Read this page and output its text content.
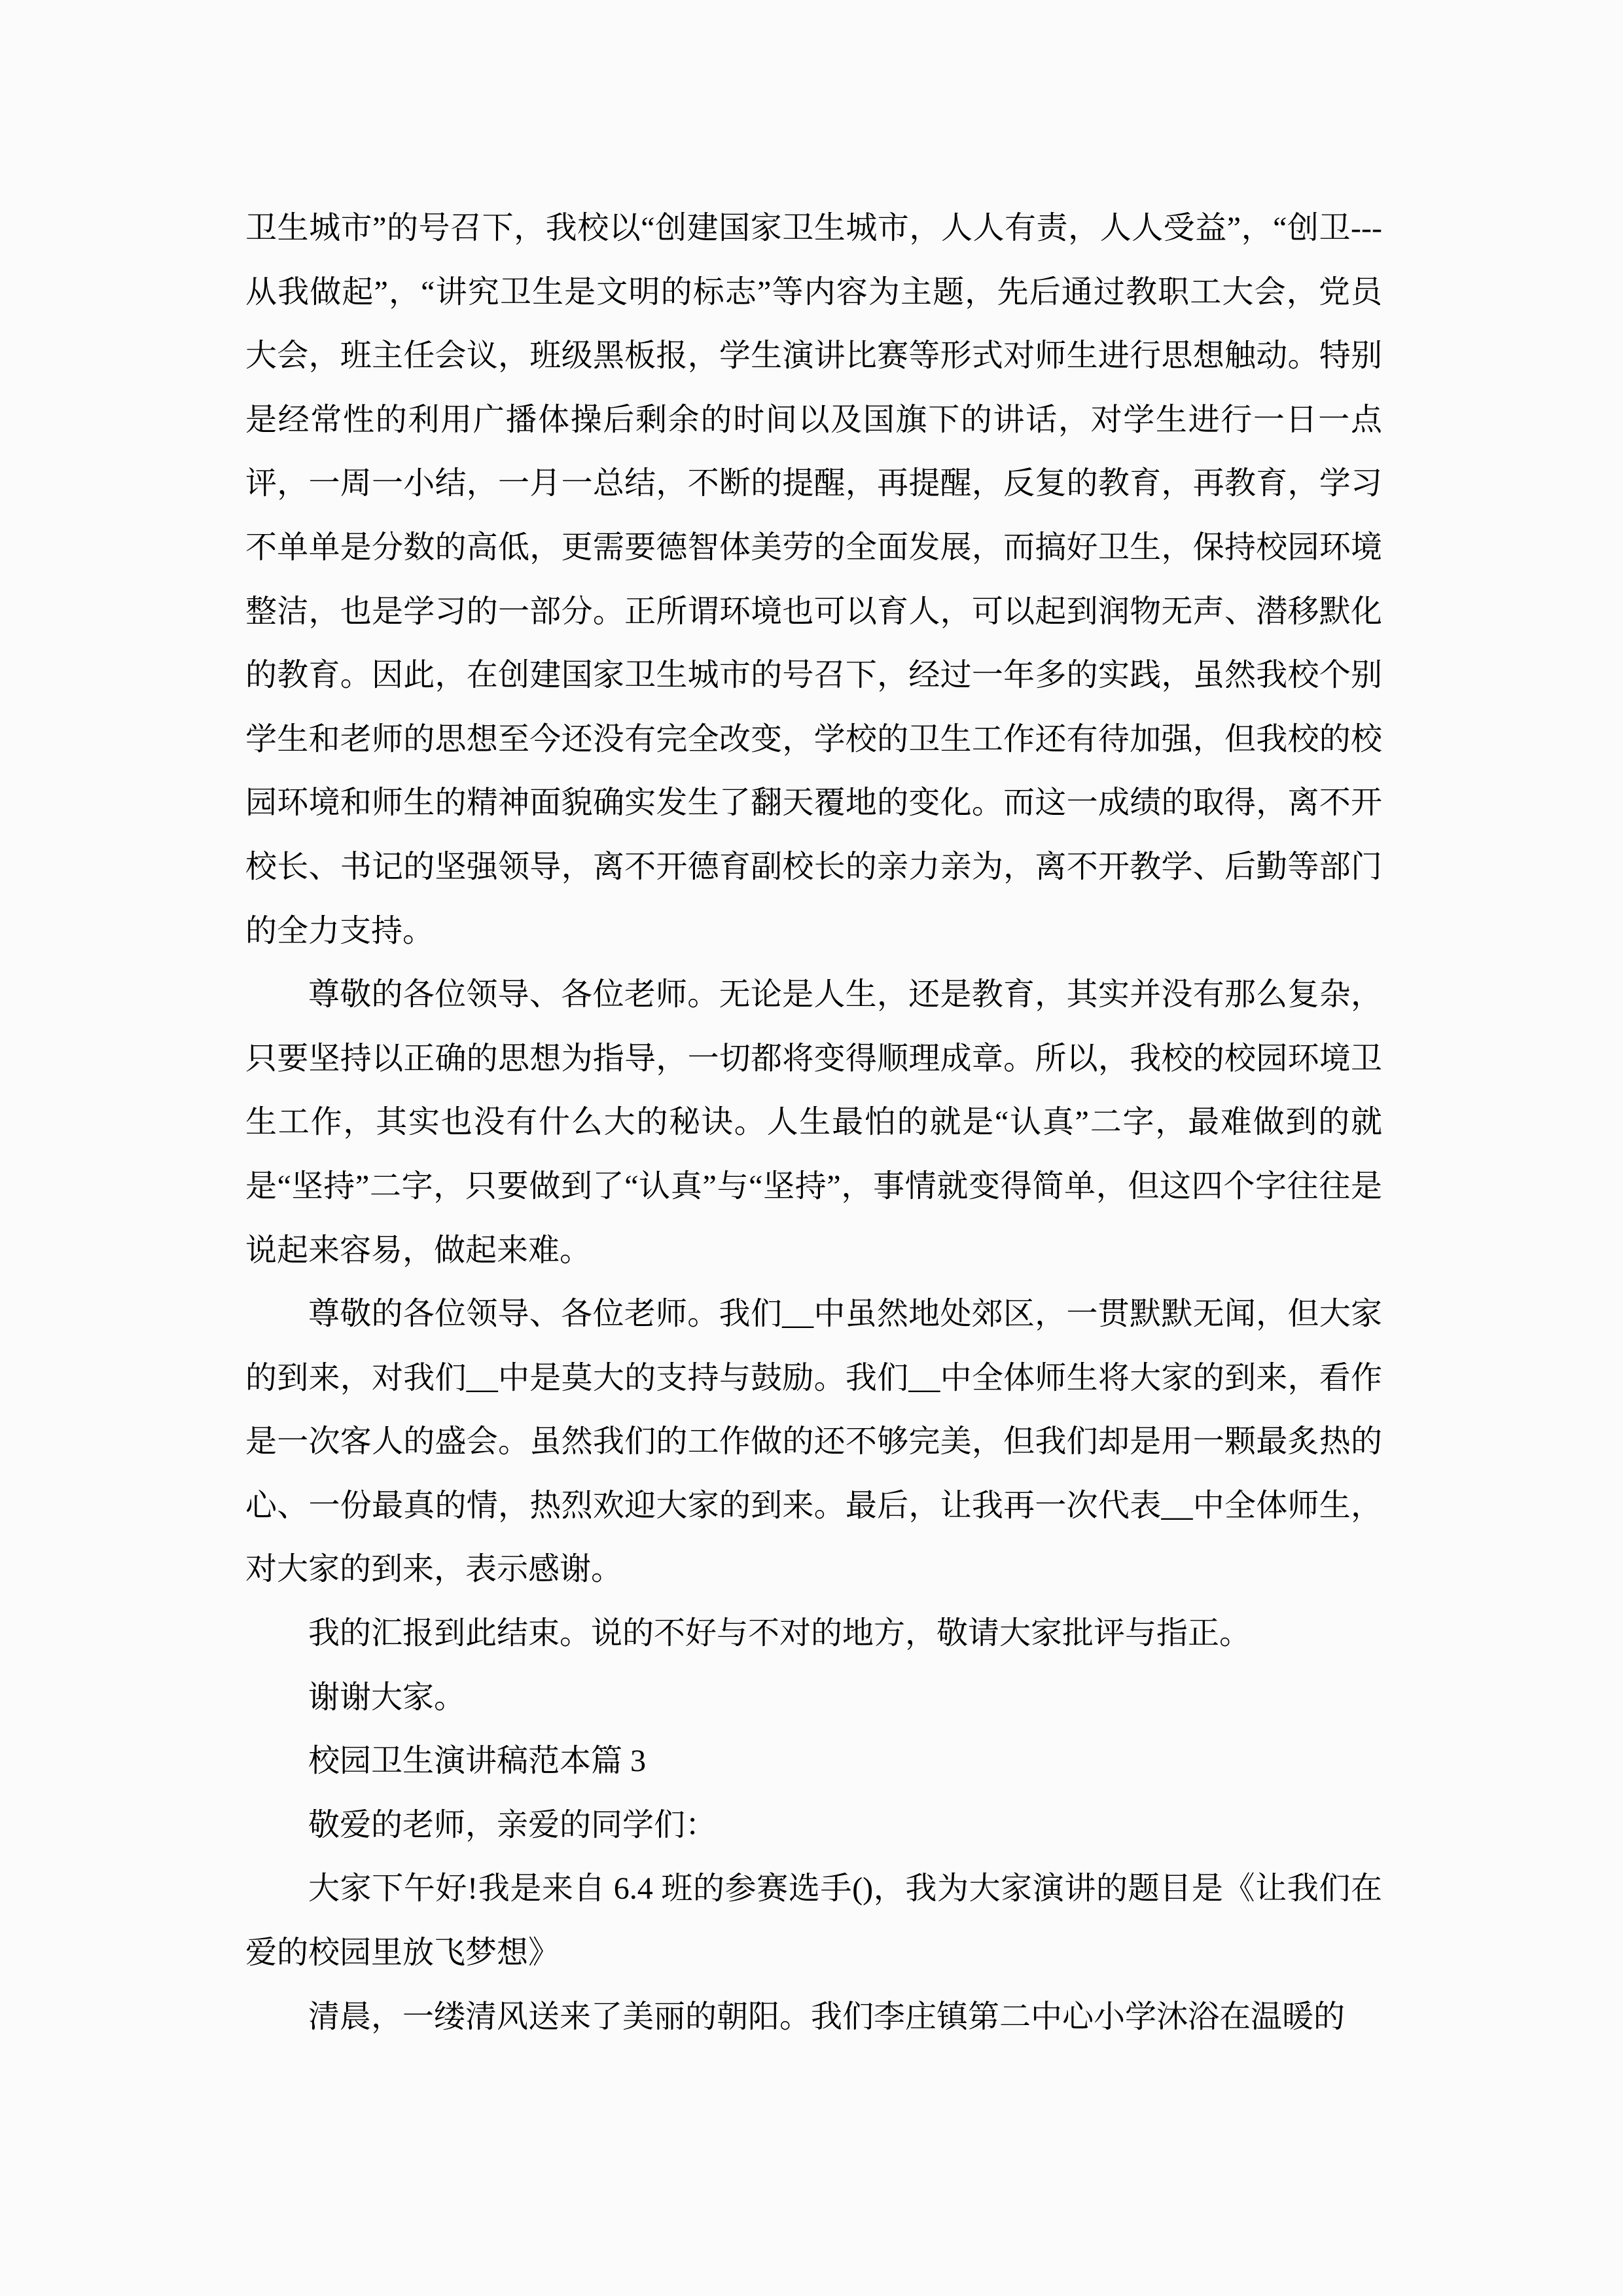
卫生城市”的号召下，我校以“创建国家卫生城市，人人有责，人人受益”，“创卫---从我做起”，“讲究卫生是文明的标志”等内容为主题，先后通过教职工大会，党员大会，班主任会议，班级黑板报，学生演讲比赛等形式对师生进行思想触动。特别是经常性的利用广播体操后剩余的时间以及国旗下的讲话，对学生进行一日一点评，一周一小结，一月一总结，不断的提醒，再提醒，反复的教育，再教育，学习不单单是分数的高低，更需要德智体美劳的全面发展，而搞好卫生，保持校园环境整洁，也是学习的一部分。正所谓环境也可以育人，可以起到润物无声、潜移默化的教育。因此，在创建国家卫生城市的号召下，经过一年多的实践，虽然我校个别学生和老师的思想至今还没有完全改变，学校的卫生工作还有待加强，但我校的校园环境和师生的精神面貌确实发生了翻天覆地的变化。而这一成绩的取得，离不开校长、书记的坚强领导，离不开德育副校长的亲力亲为，离不开教学、后勤等部门的全力支持。

尊敬的各位领导、各位老师。无论是人生，还是教育，其实并没有那么复杂，只要坚持以正确的思想为指导，一切都将变得顺理成章。所以，我校的校园环境卫生工作，其实也没有什么大的秘诀。人生最怕的就是“认真”二字，最难做到的就是“坚持”二字，只要做到了“认真”与“坚持”，事情就变得简单，但这四个字往往是说起来容易，做起来难。

尊敬的各位领导、各位老师。我们__中虽然地处郊区，一贯默默无闻，但大家的到来，对我们__中是莫大的支持与鼓励。我们__中全体师生将大家的到来，看作是一次客人的盛会。虽然我们的工作做的还不够完美，但我们却是用一颗最炙热的心、一份最真的情，热烈欢迎大家的到来。最后，让我再一次代表__中全体师生，对大家的到来，表示感谢。

我的汇报到此结束。说的不好与不对的地方，敬请大家批评与指正。

谢谢大家。

校园卫生演讲稿范本篇 3

敬爱的老师，亲爱的同学们：

大家下午好!我是来自 6.4 班的参赛选手()，我为大家演讲的题目是《让我们在爱的校园里放飞梦想》

清晨，一缕清风送来了美丽的朝阳。我们李庄镇第二中心小学沐浴在温暖的
